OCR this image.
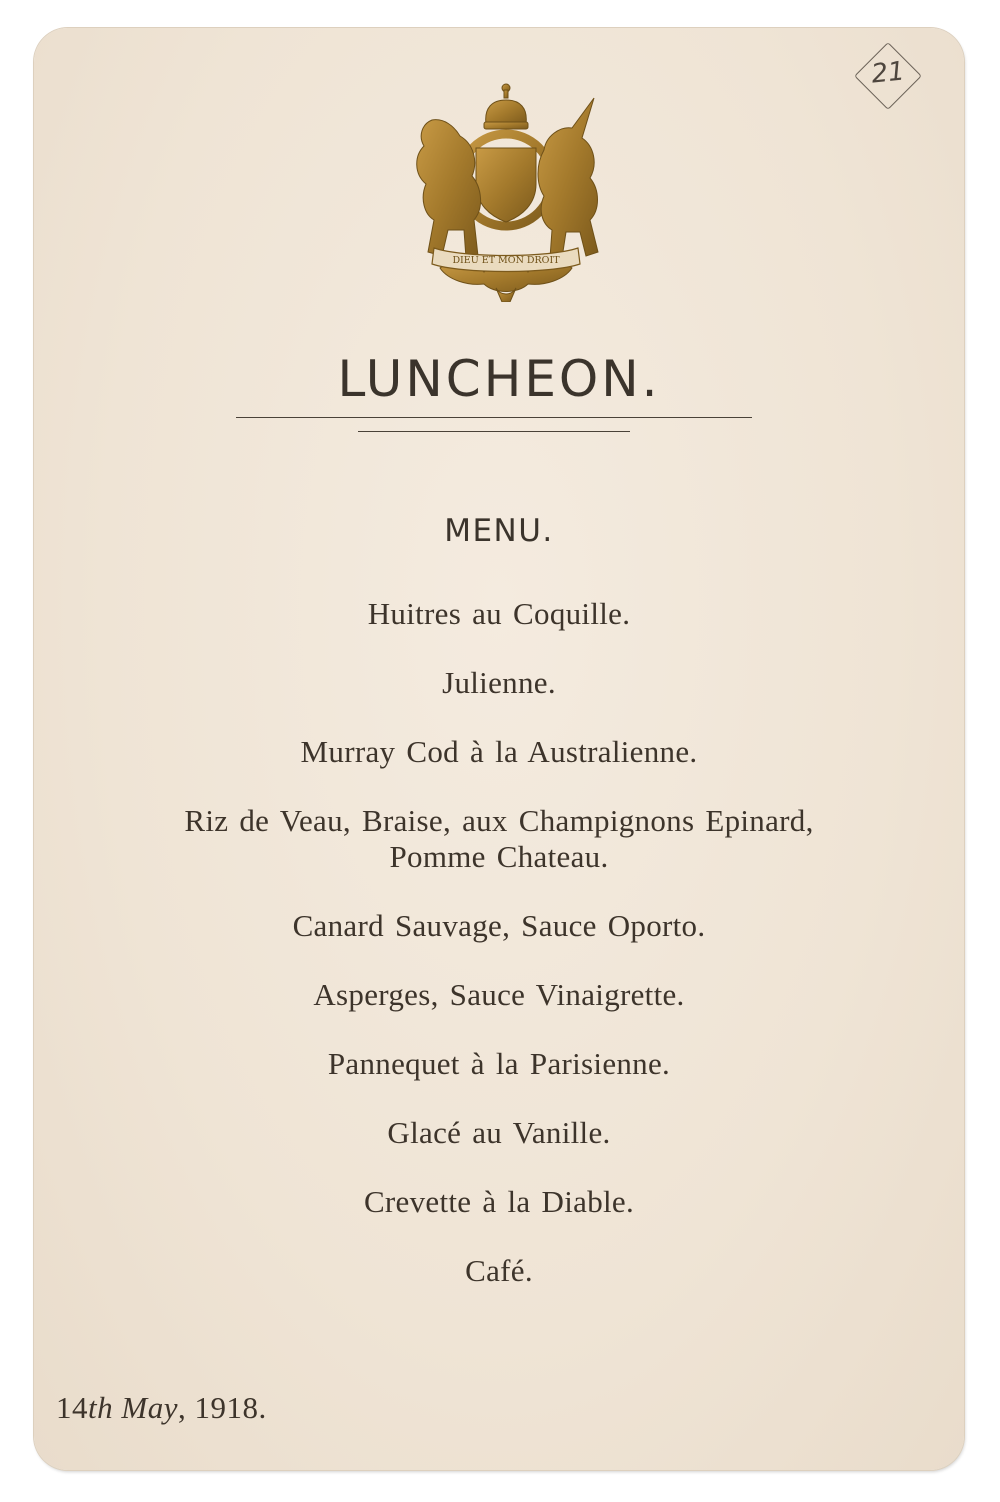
21
DIEU ET MON DROIT
LUNCHEON.
MENU.
Huitres au Coquille.
Julienne.
Murray Cod à la Australienne.
Riz de Veau, Braise, aux Champignons Epinard,
Pomme Chateau.
Canard Sauvage, Sauce Oporto.
Asperges, Sauce Vinaigrette.
Pannequet à la Parisienne.
Glacé au Vanille.
Crevette à la Diable.
Café.
14th May, 1918.
